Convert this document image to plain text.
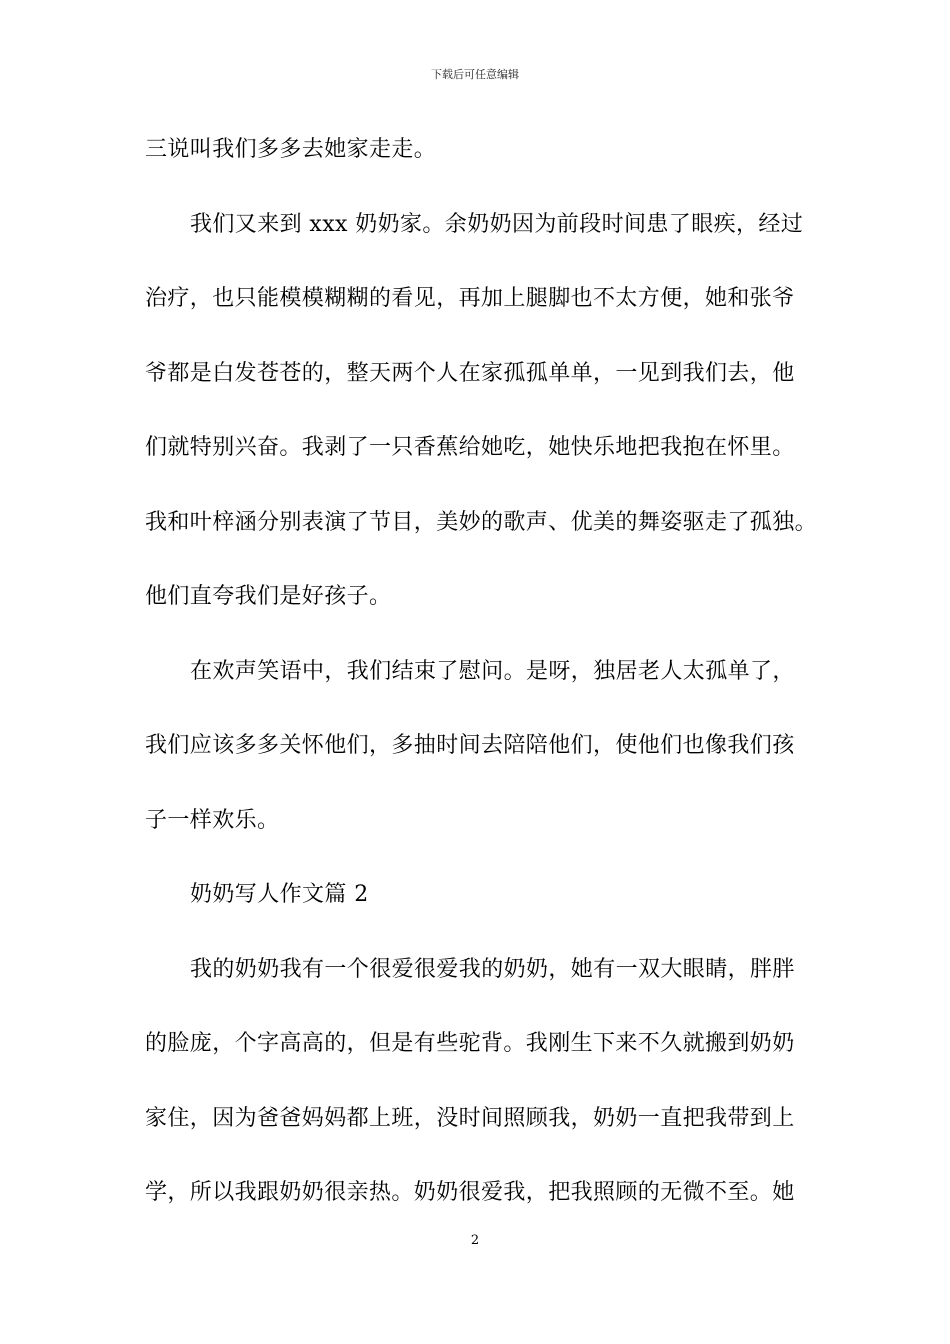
下载后可任意编辑
三说叫我们多多去她家走走。
我们又来到 xxx 奶奶家。余奶奶因为前段时间患了眼疾，经过
治疗，也只能模模糊糊的看见，再加上腿脚也不太方便，她和张爷
爷都是白发苍苍的，整天两个人在家孤孤单单，一见到我们去，他
们就特别兴奋。我剥了一只香蕉给她吃，她快乐地把我抱在怀里。
我和叶梓涵分别表演了节目，美妙的歌声、优美的舞姿驱走了孤独。
他们直夸我们是好孩子。
在欢声笑语中，我们结束了慰问。是呀，独居老人太孤单了，
我们应该多多关怀他们，多抽时间去陪陪他们，使他们也像我们孩
子一样欢乐。
奶奶写人作文篇 2
我的奶奶我有一个很爱很爱我的奶奶，她有一双大眼睛，胖胖
的脸庞，个字高高的，但是有些驼背。我刚生下来不久就搬到奶奶
家住，因为爸爸妈妈都上班，没时间照顾我，奶奶一直把我带到上
学，所以我跟奶奶很亲热。奶奶很爱我，把我照顾的无微不至。她
2
